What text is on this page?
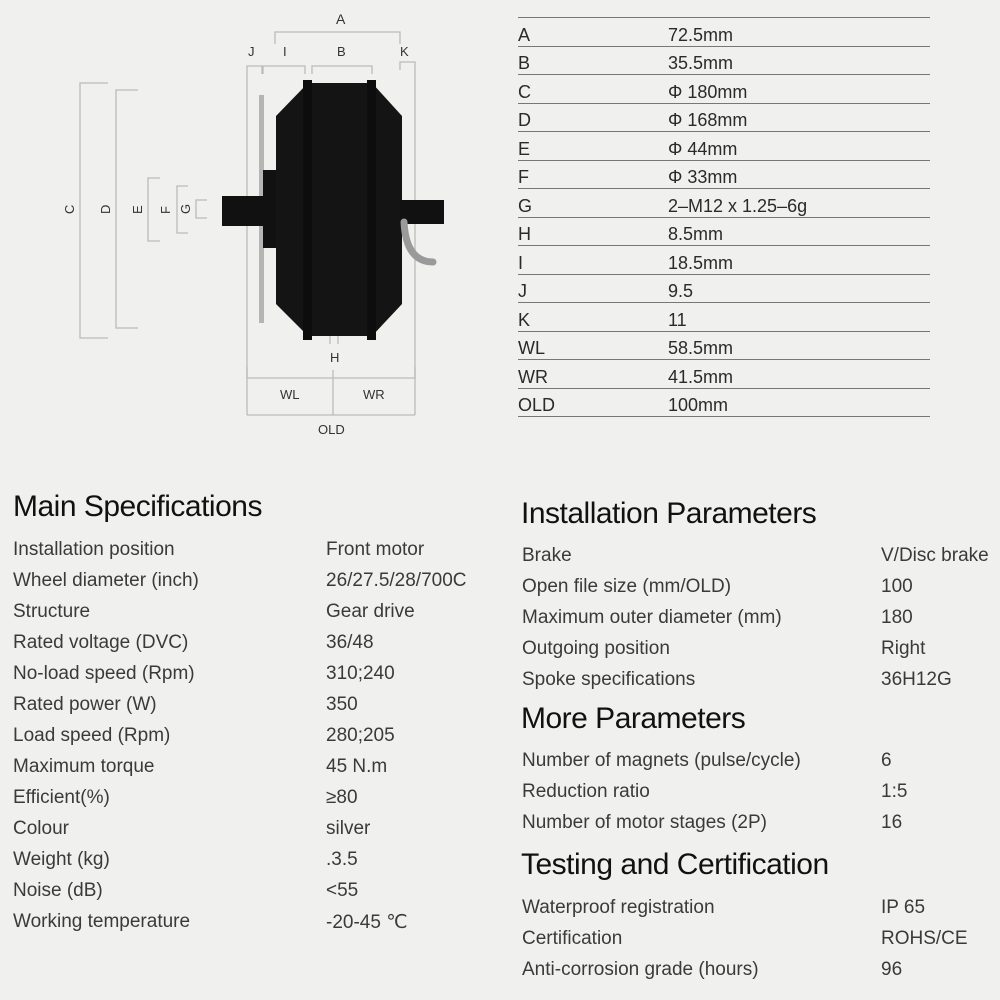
A
J I	B	K
C D E F G
H
WL	WR
OLD
A	72.5mm
B	35.5mm
C	Φ 180mm
D	Φ 168mm
E	Φ 44mm
F	Φ 33mm
G	2–M12 x 1.25–6g
H	8.5mm
I	18.5mm
J	9.5
K	11
WL	58.5mm
WR	41.5mm
OLD	100mm
Main Specifications	Installation Parameters
More Parameters
Testing and Certification
Installation position	Front motor
Wheel diameter (inch)	26/27.5/28/700C
Structure	Gear drive
Rated voltage (DVC)	36/48
No-load speed (Rpm)	310;240
Rated power (W)	350
Load speed (Rpm)	280;205
Maximum torque	45 N.m
Efficient(%)	≥80
Colour	silver
Weight (kg)	.3.5
Noise (dB)	<55
Working temperature	-20-45 ℃
Brake	V/Disc brake
Open file size (mm/OLD)	100
Maximum outer diameter (mm)	180
Outgoing position	Right
Spoke specifications	36H12G
Number of magnets (pulse/cycle)	6
Reduction ratio	1:5
Number of motor stages (2P)	16
Waterproof registration	IP 65
Certification	ROHS/CE
Anti-corrosion grade (hours)	96
